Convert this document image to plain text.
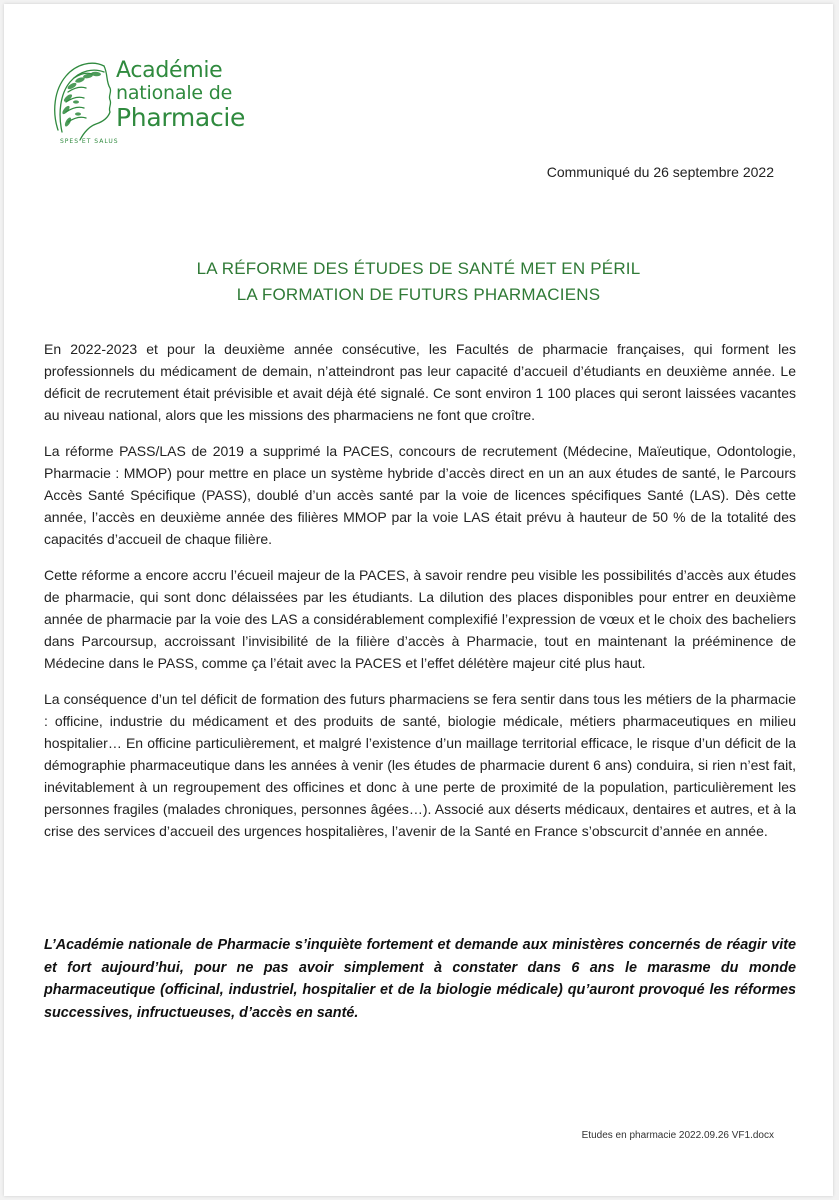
Académie
nationale de
Pharmacie
SPES ET SALUS
Communiqué du 26 septembre 2022
LA RÉFORME DES ÉTUDES DE SANTÉ MET EN PÉRIL
LA FORMATION DE FUTURS PHARMACIENS

En 2022-2023 et pour la deuxième année consécutive, les Facultés de pharmacie françaises, qui forment les professionnels du médicament de demain, n’atteindront pas leur capacité d’accueil d’étudiants en deuxième année. Le déficit de recrutement était prévisible et avait déjà été signalé. Ce sont environ 1 100 places qui seront laissées vacantes au niveau national, alors que les missions des pharmaciens ne font que croître.

La réforme PASS/LAS de 2019 a supprimé la PACES, concours de recrutement (Médecine, Maïeutique, Odontologie, Pharmacie : MMOP) pour mettre en place un système hybride d’accès direct en un an aux études de santé, le Parcours Accès Santé Spécifique (PASS), doublé d’un accès santé par la voie de licences spécifiques Santé (LAS). Dès cette année, l’accès en deuxième année des filières MMOP par la voie LAS était prévu à hauteur de 50 % de la totalité des capacités d’accueil de chaque filière.

Cette réforme a encore accru l’écueil majeur de la PACES, à savoir rendre peu visible les possibilités d’accès aux études de pharmacie, qui sont donc délaissées par les étudiants. La dilution des places disponibles pour entrer en deuxième année de pharmacie par la voie des LAS a considérablement complexifié l’expression de vœux et le choix des bacheliers dans Parcoursup, accroissant l’invisibilité de la filière d’accès à Pharmacie, tout en maintenant la prééminence de Médecine dans le PASS, comme ça l’était avec la PACES et l’effet délétère majeur cité plus haut.

La conséquence d’un tel déficit de formation des futurs pharmaciens se fera sentir dans tous les métiers de la pharmacie : officine, industrie du médicament et des produits de santé, biologie médicale, métiers pharmaceutiques en milieu hospitalier… En officine particulièrement, et malgré l’existence d’un maillage territorial efficace, le risque d’un déficit de la démographie pharmaceutique dans les années à venir (les études de pharmacie durent 6 ans) conduira, si rien n’est fait, inévitablement à un regroupement des officines et donc à une perte de proximité de la population, particulièrement les personnes fragiles (malades chroniques, personnes âgées…). Associé aux déserts médicaux, dentaires et autres, et à la crise des services d’accueil des urgences hospitalières, l’avenir de la Santé en France s’obscurcit d’année en année.

L’Académie nationale de Pharmacie s’inquiète fortement et demande aux ministères concernés de réagir vite et fort aujourd’hui, pour ne pas avoir simplement à constater dans 6 ans le marasme du monde pharmaceutique (officinal, industriel, hospitalier et de la biologie médicale) qu’auront provoqué les réformes successives, infructueuses, d’accès en santé.

Etudes en pharmacie 2022.09.26 VF1.docx
